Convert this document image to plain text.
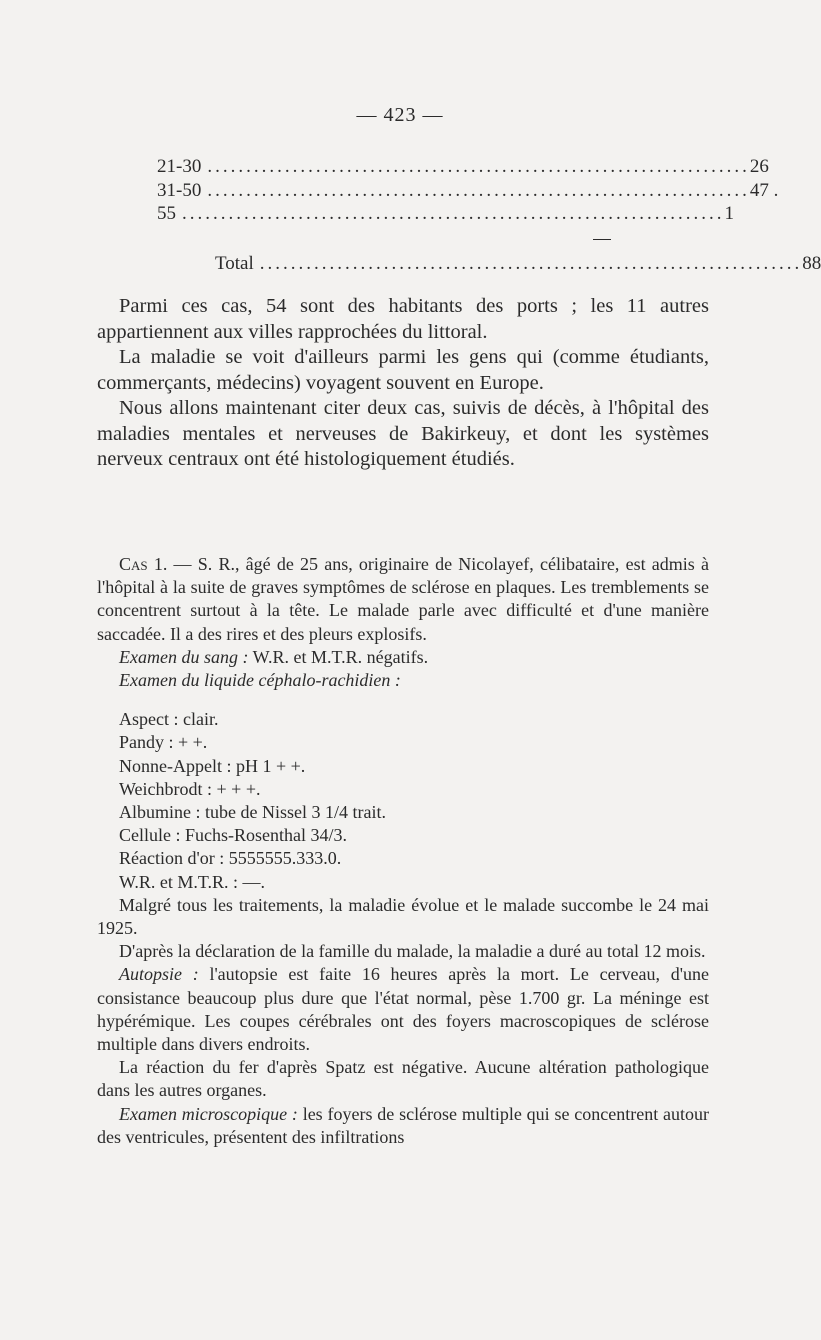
— 423 —
21-30 ...................................................................... 26
31-50 ...................................................................... 47 .
55 ...................................................................... 1
Total ...................................................................... 88

Parmi ces cas, 54 sont des habitants des ports ; les 11 autres appartiennent aux villes rapprochées du littoral.

La maladie se voit d'ailleurs parmi les gens qui (comme étudiants, commerçants, médecins) voyagent souvent en Europe.

Nous allons maintenant citer deux cas, suivis de décès, à l'hôpital des maladies mentales et nerveuses de Bakirkeuy, et dont les systèmes nerveux centraux ont été histologiquement étudiés.

Cas 1. — S. R., âgé de 25 ans, originaire de Nicolayef, célibataire, est admis à l'hôpital à la suite de graves symptômes de sclérose en plaques. Les tremblements se concentrent surtout à la tête. Le malade parle avec difficulté et d'une manière saccadée. Il a des rires et des pleurs explosifs.

Examen du sang : W.R. et M.T.R. négatifs.

Examen du liquide céphalo-rachidien :

Aspect : clair.
Pandy : + +.
Nonne-Appelt : pH 1 + +.
Weichbrodt : + + +.
Albumine : tube de Nissel 3 1/4 trait.
Cellule : Fuchs-Rosenthal 34/3.
Réaction d'or : 5555555.333.0.
W.R. et M.T.R. : —.

Malgré tous les traitements, la maladie évolue et le malade succombe le 24 mai 1925.

D'après la déclaration de la famille du malade, la maladie a duré au total 12 mois.

Autopsie : l'autopsie est faite 16 heures après la mort. Le cerveau, d'une consistance beaucoup plus dure que l'état normal, pèse 1.700 gr. La méninge est hypérémique. Les coupes cérébrales ont des foyers macroscopiques de sclérose multiple dans divers endroits.

La réaction du fer d'après Spatz est négative. Aucune altération pathologique dans les autres organes.

Examen microscopique : les foyers de sclérose multiple qui se concentrent autour des ventricules, présentent des infiltrations
